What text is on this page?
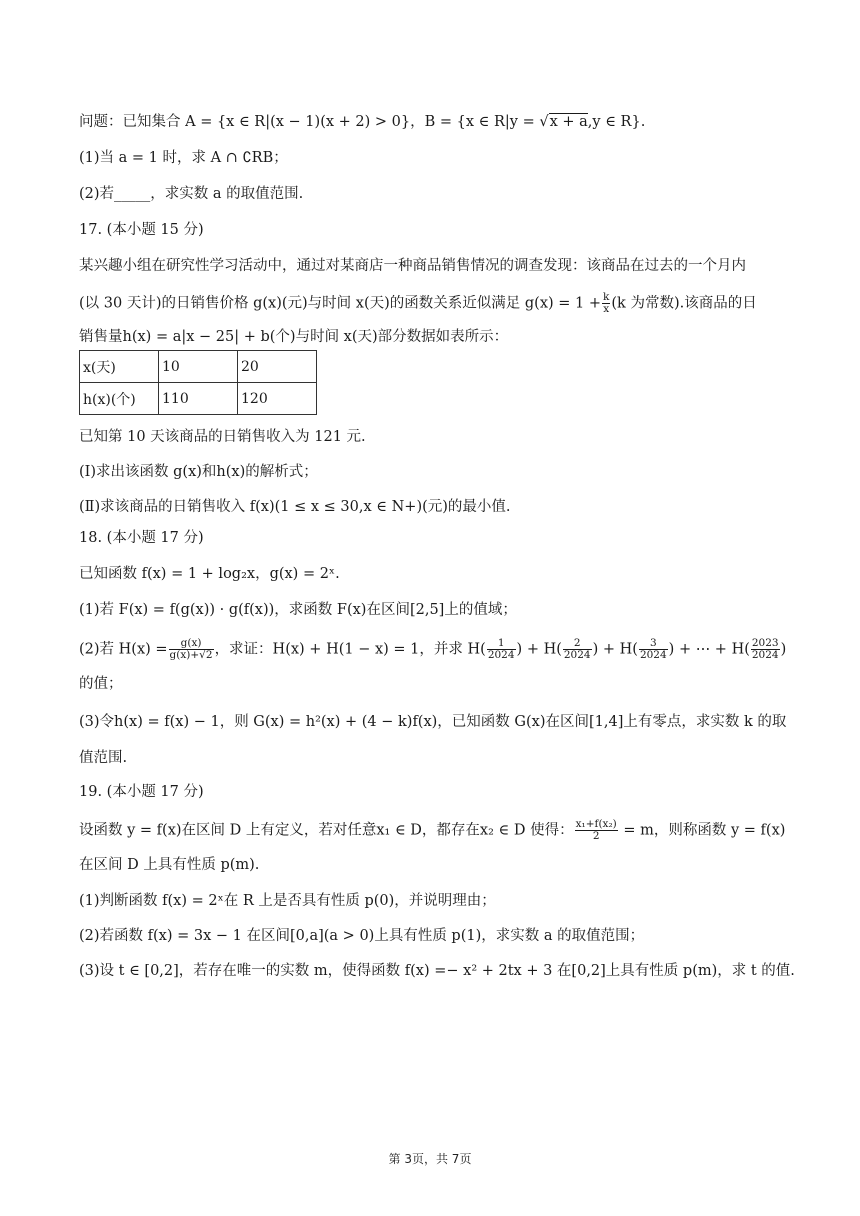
问题：已知集合 A = {x ∈ R|(x − 1)(x + 2) > 0}，B = {x ∈ R|y = √x + a,y ∈ R}.
(1)当 a = 1 时，求 A ∩ ∁RB；
(2)若_____，求实数 a 的取值范围.
17. (本小题 15 分)
某兴趣小组在研究性学习活动中，通过对某商店一种商品销售情况的调查发现：该商品在过去的一个月内
(以 30 天计)的日销售价格 g(x)(元)与时间 x(天)的函数关系近似满足 $g(x) = 1 + \frac{k}{x} (k$ 为常数).该商品的日
销售量h(x) = a|x − 25| + b(个)与时间 x(天)部分数据如表所示：
x(天)	10	20
h(x)(个)	110	120
已知第 10 天该商品的日销售收入为 121 元.
(Ⅰ)求出该函数 g(x)和h(x)的解析式；
(Ⅱ)求该商品的日销售收入 f(x)(1 ≤ x ≤ 30,x ∈ N+)(元)的最小值.
18. (本小题 17 分)
已知函数 f(x) = 1 + log₂x，g(x) = 2ˣ.
(1)若 F(x) = f(g(x)) · g(f(x))，求函数 F(x)在区间[2,5]上的值域；
(2)若 $H(x) = \frac{g(x)}{g(x)+√2}$ ，求证：H(x) + H(1 − x) = 1，并求 $H( \frac{1}{2024}$ ) + $H( \frac{2}{2024}$ ) + $H( \frac{3}{2024}$ ) + ⋯ + $H( \frac{2023}{2024}$ )
的值；
(3)令h(x) = f(x) − 1，则 G(x) = h²(x) + (4 − k)f(x)，已知函数 G(x)在区间[1,4]上有零点，求实数 k 的取
值范围.
19. (本小题 17 分)
设函数 y = f(x)在区间 D 上有定义，若对任意x₁ ∈ D，都存在x₂ ∈ D 使得： $\frac{\text{x₁+f(x₂)}}{2} = m$，则称函数 y = f(x)
在区间 D 上具有性质 p(m).
(1)判断函数 f(x) = 2ˣ在 R 上是否具有性质 p(0)，并说明理由；
(2)若函数 f(x) = 3x − 1 在区间[0,a](a > 0)上具有性质 p(1)，求实数 a 的取值范围；
(3)设 t ∈ [0,2]，若存在唯一的实数 m，使得函数 f(x) =− x² + 2tx + 3 在[0,2]上具有性质 p(m)，求 t 的值.
第 3页，共 7页
